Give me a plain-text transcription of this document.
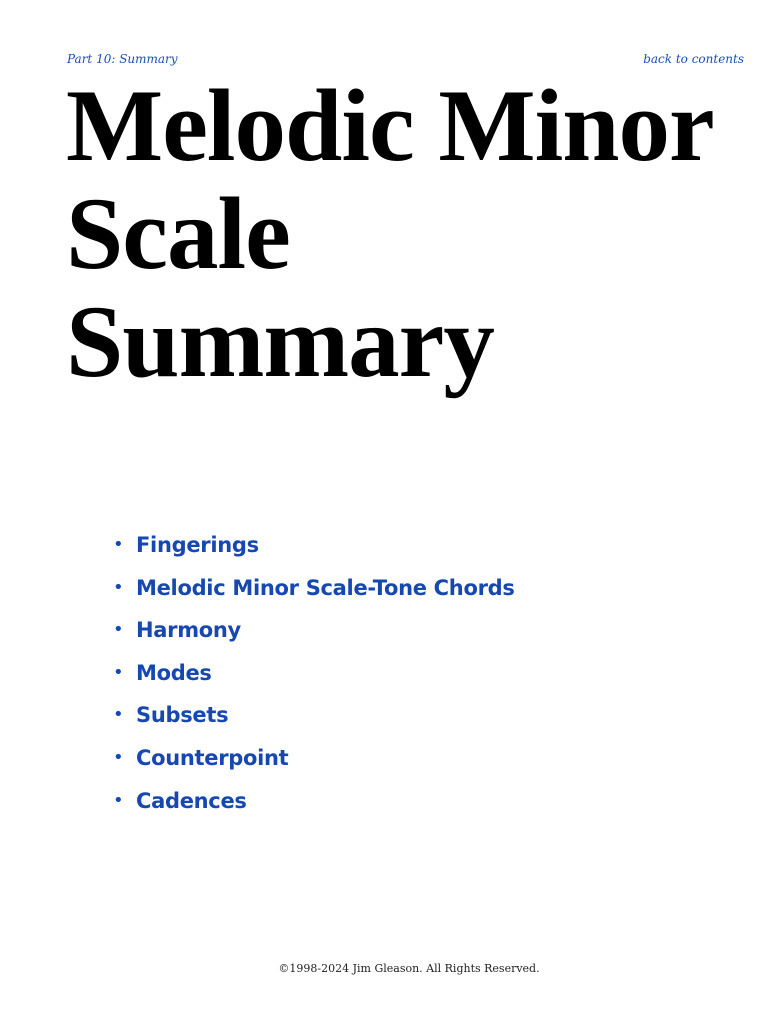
Part 10: Summary	back to contents
Melodic Minor
Scale
Summary
• Fingerings
• Melodic Minor Scale-Tone Chords
• Harmony
• Modes
• Subsets
• Counterpoint
• Cadences
©1998-2024 Jim Gleason. All Rights Reserved.
